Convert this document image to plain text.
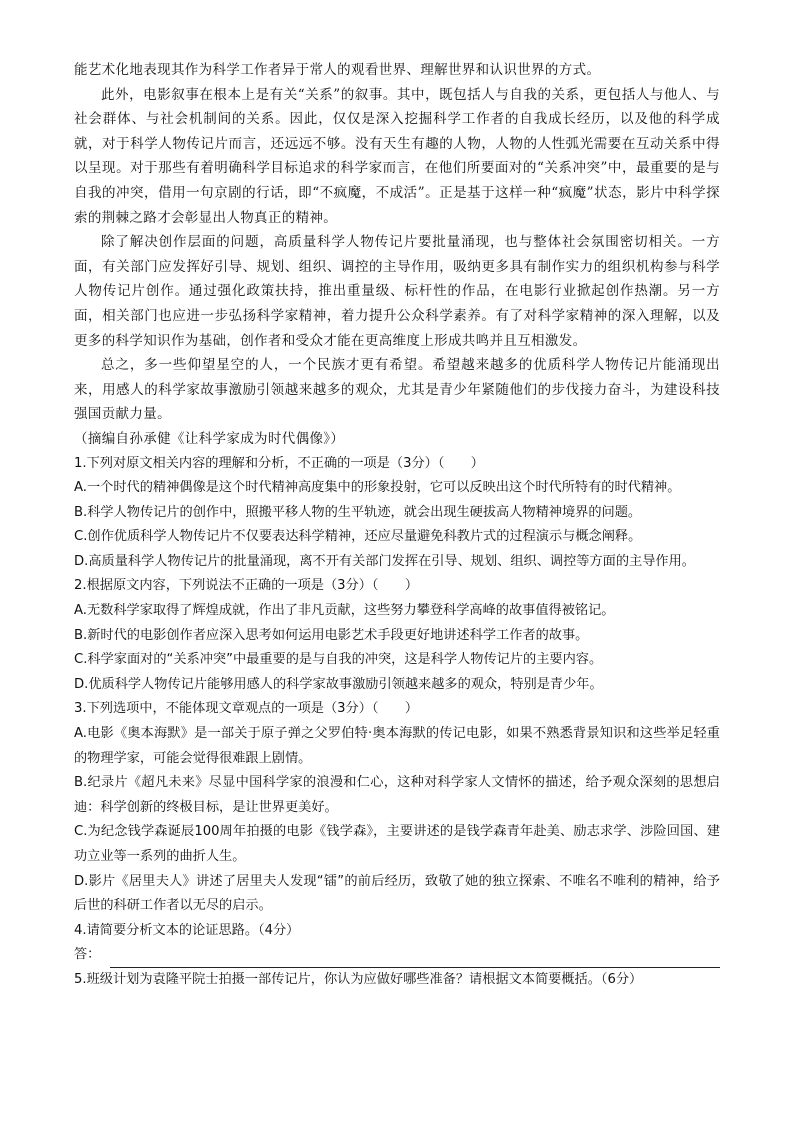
能艺术化地表现其作为科学工作者异于常人的观看世界、理解世界和认识世界的方式。

此外，电影叙事在根本上是有关“关系”的叙事。其中，既包括人与自我的关系，更包括人与他人、与社会群体、与社会机制间的关系。因此，仅仅是深入挖掘科学工作者的自我成长经历，以及他的科学成就，对于科学人物传记片而言，还远远不够。没有天生有趣的人物，人物的人性弧光需要在互动关系中得以呈现。对于那些有着明确科学目标追求的科学家而言，在他们所要面对的“关系冲突”中，最重要的是与自我的冲突，借用一句京剧的行话，即“不疯魔，不成活”。正是基于这样一种“疯魔”状态，影片中科学探索的荆棘之路才会彰显出人物真正的精神。

除了解决创作层面的问题，高质量科学人物传记片要批量涌现，也与整体社会氛围密切相关。一方面，有关部门应发挥好引导、规划、组织、调控的主导作用，吸纳更多具有制作实力的组织机构参与科学人物传记片创作。通过强化政策扶持，推出重量级、标杆性的作品，在电影行业掀起创作热潮。另一方面，相关部门也应进一步弘扬科学家精神，着力提升公众科学素养。有了对科学家精神的深入理解，以及更多的科学知识作为基础，创作者和受众才能在更高维度上形成共鸣并且互相激发。

总之，多一些仰望星空的人，一个民族才更有希望。希望越来越多的优质科学人物传记片能涌现出来，用感人的科学家故事激励引领越来越多的观众，尤其是青少年紧随他们的步伐接力奋斗，为建设科技强国贡献力量。

（摘编自孙承健《让科学家成为时代偶像》）

1.下列对原文相关内容的理解和分析，不正确的一项是（3分）（　　）

A.一个时代的精神偶像是这个时代精神高度集中的形象投射，它可以反映出这个时代所特有的时代精神。

B.科学人物传记片的创作中，照搬平移人物的生平轨迹，就会出现生硬拔高人物精神境界的问题。

C.创作优质科学人物传记片不仅要表达科学精神，还应尽量避免科教片式的过程演示与概念阐释。

D.高质量科学人物传记片的批量涌现，离不开有关部门发挥在引导、规划、组织、调控等方面的主导作用。

2.根据原文内容，下列说法不正确的一项是（3分）（　　）

A.无数科学家取得了辉煌成就，作出了非凡贡献，这些努力攀登科学高峰的故事值得被铭记。

B.新时代的电影创作者应深入思考如何运用电影艺术手段更好地讲述科学工作者的故事。

C.科学家面对的“关系冲突”中最重要的是与自我的冲突，这是科学人物传记片的主要内容。

D.优质科学人物传记片能够用感人的科学家故事激励引领越来越多的观众，特别是青少年。

3.下列选项中，不能体现文章观点的一项是（3分）（　　）

A.电影《奥本海默》是一部关于原子弹之父罗伯特·奥本海默的传记电影，如果不熟悉背景知识和这些举足轻重的物理学家，可能会觉得很难跟上剧情。

B.纪录片《超凡未来》尽显中国科学家的浪漫和仁心，这种对科学家人文情怀的描述，给予观众深刻的思想启迪：科学创新的终极目标，是让世界更美好。

C.为纪念钱学森诞辰100周年拍摄的电影《钱学森》，主要讲述的是钱学森青年赴美、励志求学、涉险回国、建功立业等一系列的曲折人生。

D.影片《居里夫人》讲述了居里夫人发现“镭”的前后经历，致敬了她的独立探索、不唯名不唯利的精神，给予后世的科研工作者以无尽的启示。

4.请简要分析文本的论证思路。（4分）

答：

5.班级计划为袁隆平院士拍摄一部传记片，你认为应做好哪些准备？请根据文本简要概括。（6分）
